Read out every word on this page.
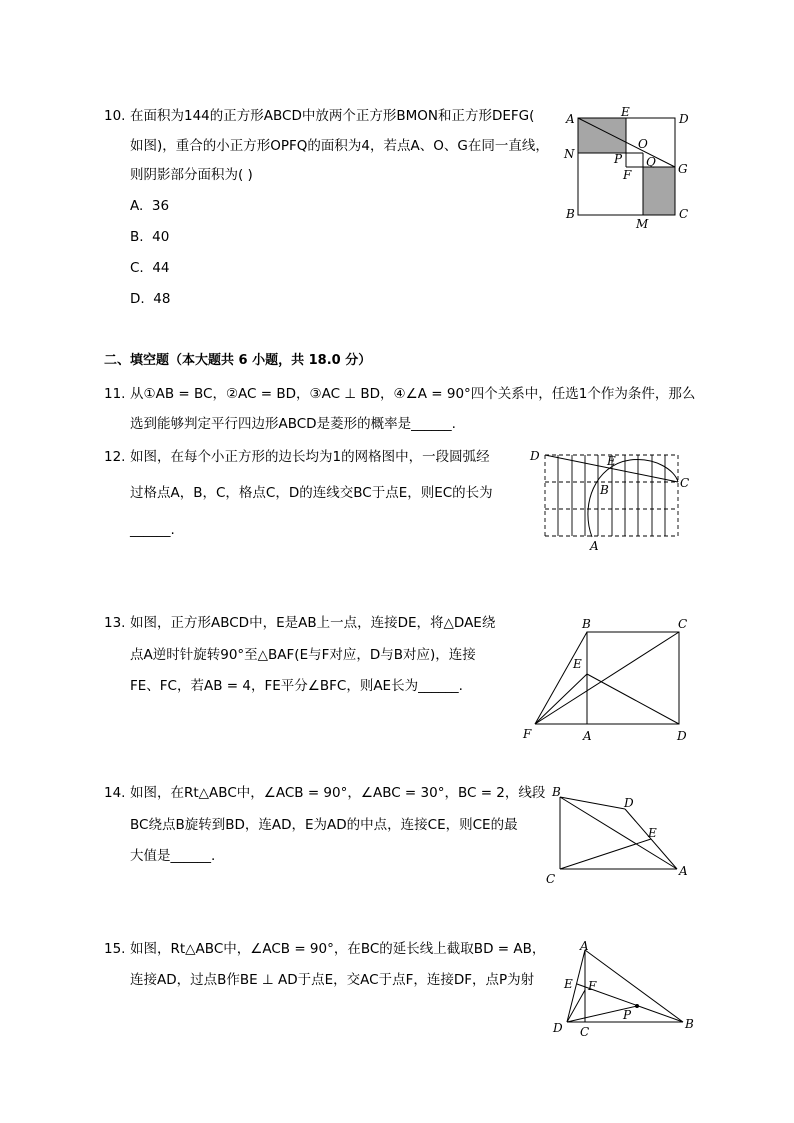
10. 在面积为144的正方形ABCD中放两个正方形BMON和正方形DEFG(
如图)，重合的小正方形OPFQ的面积为4，若点A、O、G在同一直线，
则阴影部分面积为( )
A. 36
B. 40
C. 44
D. 48
A	E	D
N
O
P Q G
F
B
M
C
二、填空题（本大题共 6 小题，共 18.0 分）
11. 从①AB = BC，②AC = BD，③AC ⊥ BD，④∠A = 90°四个关系中，任选1个作为条件，那么
选到能够判定平行四边形ABCD是菱形的概率是______.
12. 如图，在每个小正方形的边长均为1的网格图中，一段圆弧经
过格点A，B，C，格点C，D的连线交BC于点E，则EC的长为
______.
D	E
B	C
A
13. 如图，正方形ABCD中，E是AB上一点，连接DE，将△DAE绕
点A逆时针旋转90°至△BAF(E与F对应，D与B对应)，连接
FE、FC，若AB = 4，FE平分∠BFC，则AE长为______.
B	C
E
F	A	D
14. 如图，在Rt△ABC中，∠ACB = 90°，∠ABC = 30°，BC = 2，线段
BC绕点B旋转到BD，连AD，E为AD的中点，连接CE，则CE的最
大值是______.
B
D
E
C
A
15. 如图，Rt△ABC中，∠ACB = 90°，在BC的延长线上截取BD = AB，
连接AD，过点B作BE ⊥ AD于点E，交AC于点F，连接DF，点P为射
A
E F
P
D C
B
